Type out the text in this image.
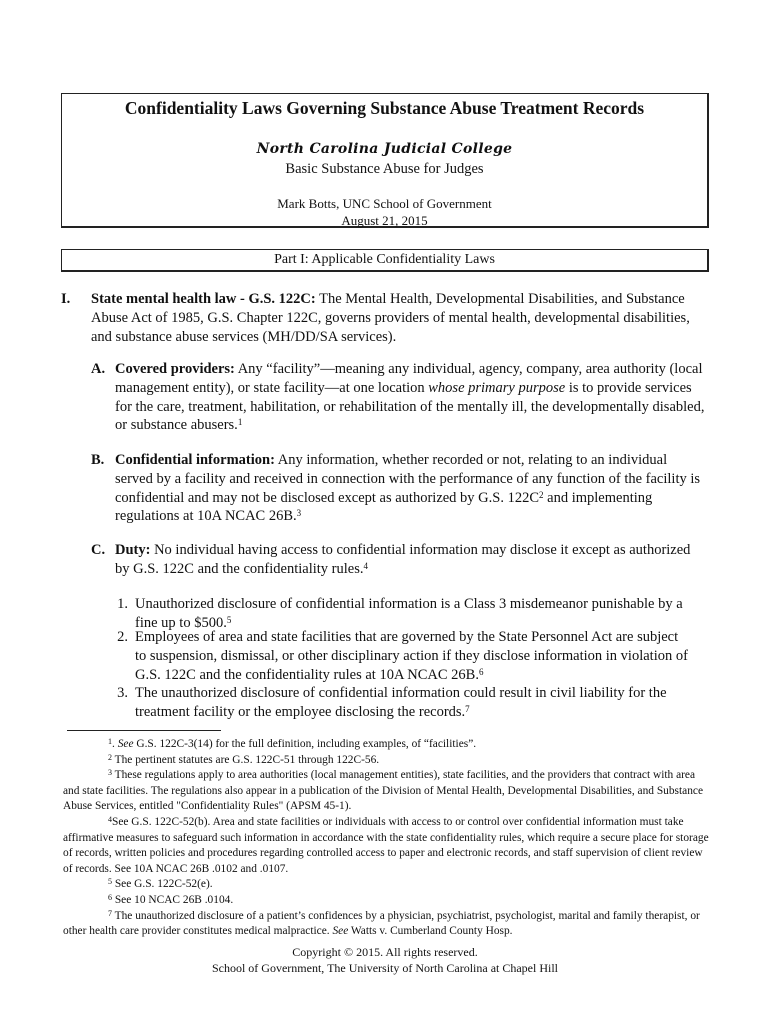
Confidentiality Laws Governing Substance Abuse Treatment Records
North Carolina Judicial College
Basic Substance Abuse for Judges
Mark Botts, UNC School of Government
August 21, 2015
Part I: Applicable Confidentiality Laws
I. State mental health law - G.S. 122C: The Mental Health, Developmental Disabilities, and Substance Abuse Act of 1985, G.S. Chapter 122C, governs providers of mental health, developmental disabilities, and substance abuse services (MH/DD/SA services).
A. Covered providers: Any “facility”—meaning any individual, agency, company, area authority (local management entity), or state facility—at one location whose primary purpose is to provide services for the care, treatment, habilitation, or rehabilitation of the mentally ill, the developmentally disabled, or substance abusers.$^1$
B. Confidential information: Any information, whether recorded or not, relating to an individual served by a facility and received in connection with the performance of any function of the facility is confidential and may not be disclosed except as authorized by G.S. $122C^2$ and implementing regulations at 10A NCAC 26B.$^3$
C. Duty: No individual having access to confidential information may disclose it except as authorized by G.S. 122C and the confidentiality rules.$^4$
1. Unauthorized disclosure of confidential information is a Class 3 misdemeanor punishable by a fine up to $500.$^5$
2. Employees of area and state facilities that are governed by the State Personnel Act are subject to suspension, dismissal, or other disciplinary action if they disclose information in violation of G.S. 122C and the confidentiality rules at 10A NCAC 26B.$^6$
3. The unauthorized disclosure of confidential information could result in civil liability for the treatment facility or the employee disclosing the records.$^7$

$^1$. See G.S. 122C-3(14) for the full definition, including examples, of “facilities”.

$^2$ The pertinent statutes are G.S. 122C-51 through 122C-56.

$^3$ These regulations apply to area authorities (local management entities), state facilities, and the providers that contract with area and state facilities. The regulations also appear in a publication of the Division of Mental Health, Developmental Disabilities, and Substance Abuse Services, entitled "Confidentiality Rules" (APSM 45-1).

$^4$See G.S. 122C-52(b). Area and state facilities or individuals with access to or control over confidential information must take affirmative measures to safeguard such information in accordance with the state confidentiality rules, which require a secure place for storage of records, written policies and procedures regarding controlled access to paper and electronic records, and staff supervision of client review of records. See 10A NCAC 26B .0102 and .0107.

$^5$ See G.S. 122C-52(e).

$^6$ See 10 NCAC 26B .0104.

$^7$ The unauthorized disclosure of a patient’s confidences by a physician, psychiatrist, psychologist, marital and family therapist, or other health care provider constitutes medical malpractice. See Watts v. Cumberland County Hosp.

Copyright © 2015. All rights reserved.
School of Government, The University of North Carolina at Chapel Hill
